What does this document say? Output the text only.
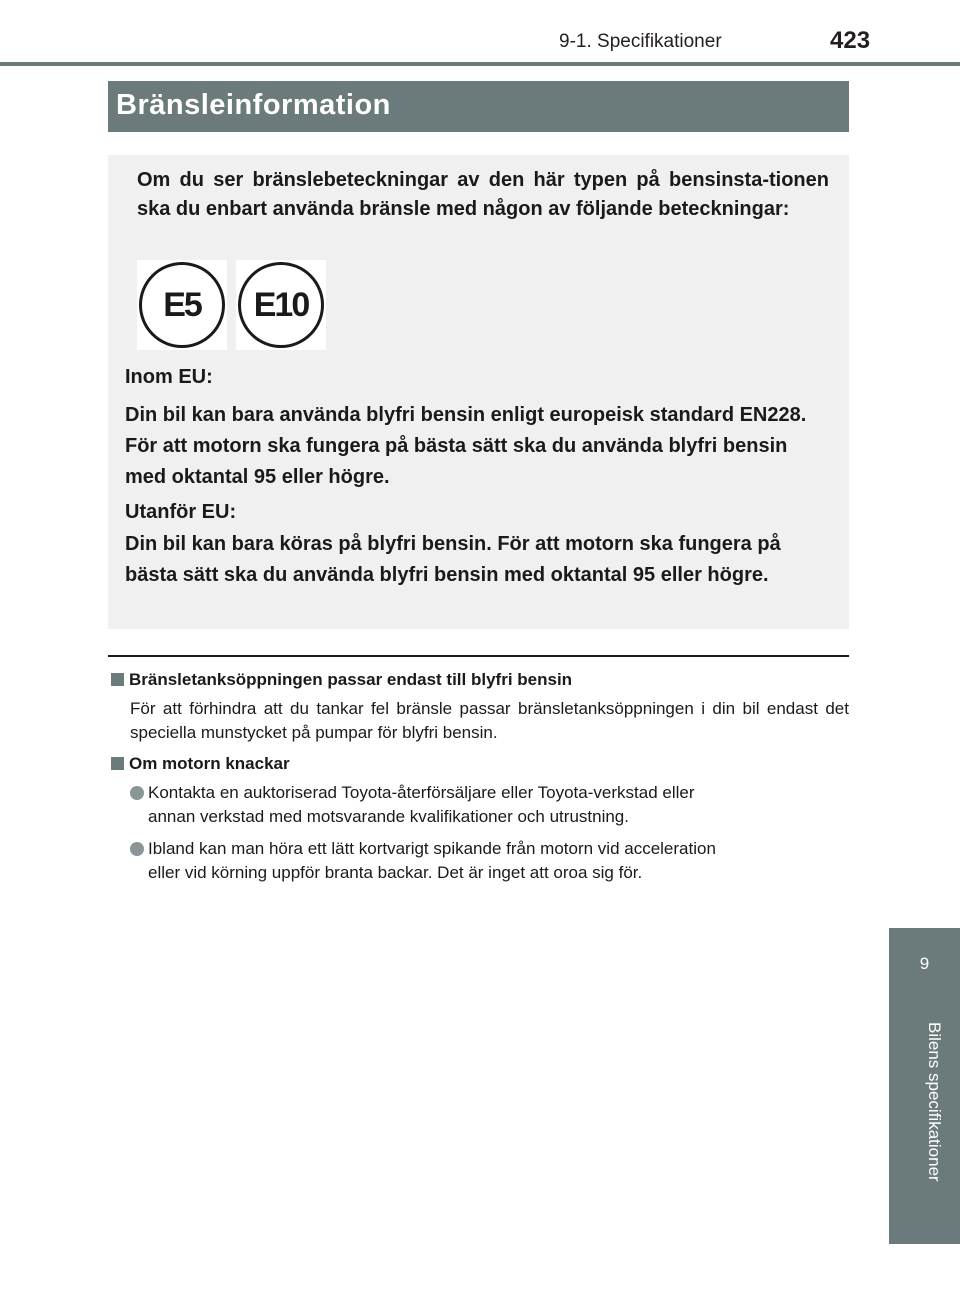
9-1. Specifikationer	423
9
Bilens specifikationer
Bränsleinformation
Om du ser bränslebeteckningar av den här typen på bensinsta-tionen ska du enbart använda bränsle med någon av följande beteckningar:
E5	E10
Inom EU:
Din bil kan bara använda blyfri bensin enligt europeisk standard EN228. För att motorn ska fungera på bästa sätt ska du använda blyfri bensin med oktantal 95 eller högre.
Utanför EU:
Din bil kan bara köras på blyfri bensin. För att motorn ska fungera på bästa sätt ska du använda blyfri bensin med oktantal 95 eller högre.
Bränsletanksöppningen passar endast till blyfri bensin
För att förhindra att du tankar fel bränsle passar bränsletanksöppningen i din bil endast det speciella munstycket på pumpar för blyfri bensin.
Om motorn knackar
Kontakta en auktoriserad Toyota-återförsäljare eller Toyota-verkstad eller
annan verkstad med motsvarande kvalifikationer och utrustning.
Ibland kan man höra ett lätt kortvarigt spikande från motorn vid acceleration
eller vid körning uppför branta backar. Det är inget att oroa sig för.
